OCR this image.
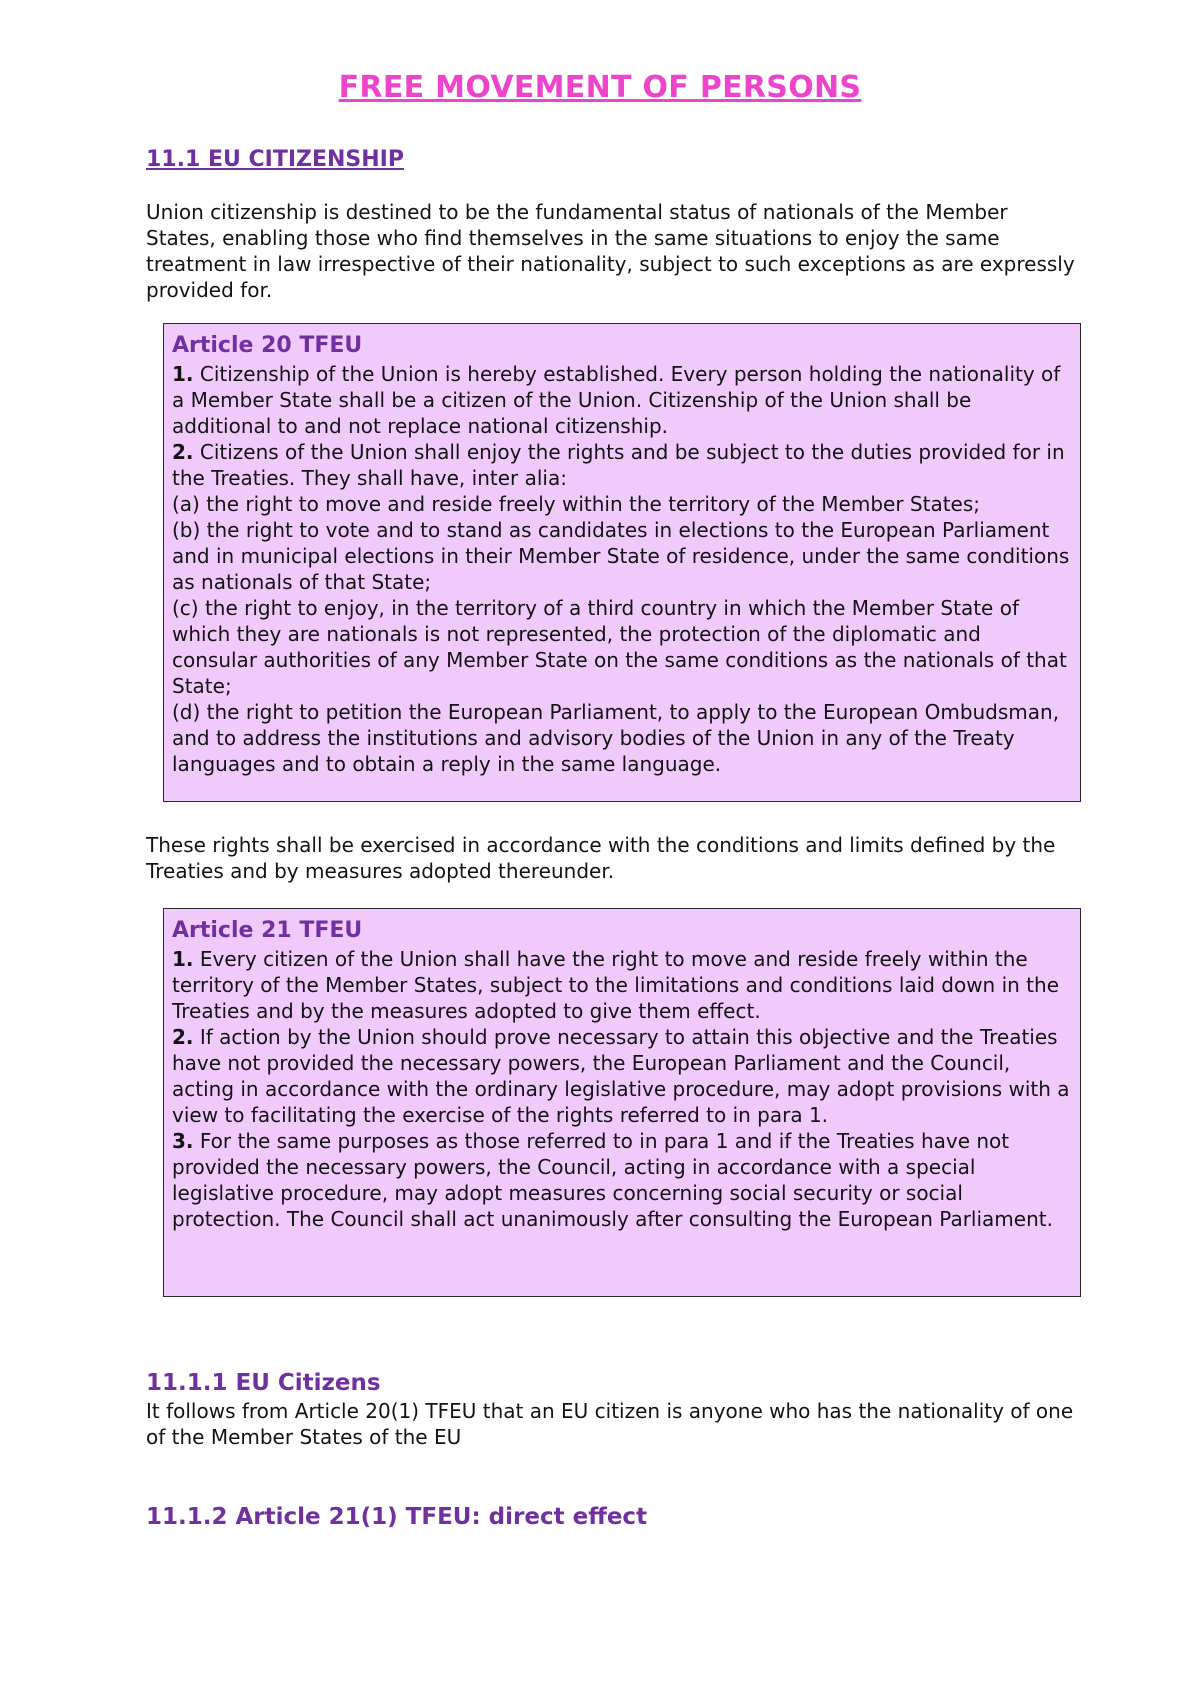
FREE MOVEMENT OF PERSONS
11.1 EU CITIZENSHIP

Union citizenship is destined to be the fundamental status of nationals of the Member States, enabling those who find themselves in the same situations to enjoy the same treatment in law irrespective of their nationality, subject to such exceptions as are expressly provided for.

Article 20 TFEU

1. Citizenship of the Union is hereby established. Every person holding the nationality of a Member State shall be a citizen of the Union. Citizenship of the Union shall be additional to and not replace national citizenship.

2. Citizens of the Union shall enjoy the rights and be subject to the duties provided for in the Treaties. They shall have, inter alia:

(a) the right to move and reside freely within the territory of the Member States;

(b) the right to vote and to stand as candidates in elections to the European Parliament and in municipal elections in their Member State of residence, under the same conditions as nationals of that State;

(c) the right to enjoy, in the territory of a third country in which the Member State of which they are nationals is not represented, the protection of the diplomatic and consular authorities of any Member State on the same conditions as the nationals of that State;

(d) the right to petition the European Parliament, to apply to the European Ombudsman, and to address the institutions and advisory bodies of the Union in any of the Treaty languages and to obtain a reply in the same language.

These rights shall be exercised in accordance with the conditions and limits defined by the Treaties and by measures adopted thereunder.

Article 21 TFEU

1. Every citizen of the Union shall have the right to move and reside freely within the territory of the Member States, subject to the limitations and conditions laid down in the Treaties and by the measures adopted to give them effect.

2. If action by the Union should prove necessary to attain this objective and the Treaties have not provided the necessary powers, the European Parliament and the Council, acting in accordance with the ordinary legislative procedure, may adopt provisions with a view to facilitating the exercise of the rights referred to in para 1.

3. For the same purposes as those referred to in para 1 and if the Treaties have not provided the necessary powers, the Council, acting in accordance with a special legislative procedure, may adopt measures concerning social security or social protection. The Council shall act unanimously after consulting the European Parliament.

11.1.1 EU Citizens

It follows from Article 20(1) TFEU that an EU citizen is anyone who has the nationality of one of the Member States of the EU

11.1.2 Article 21(1) TFEU: direct effect
